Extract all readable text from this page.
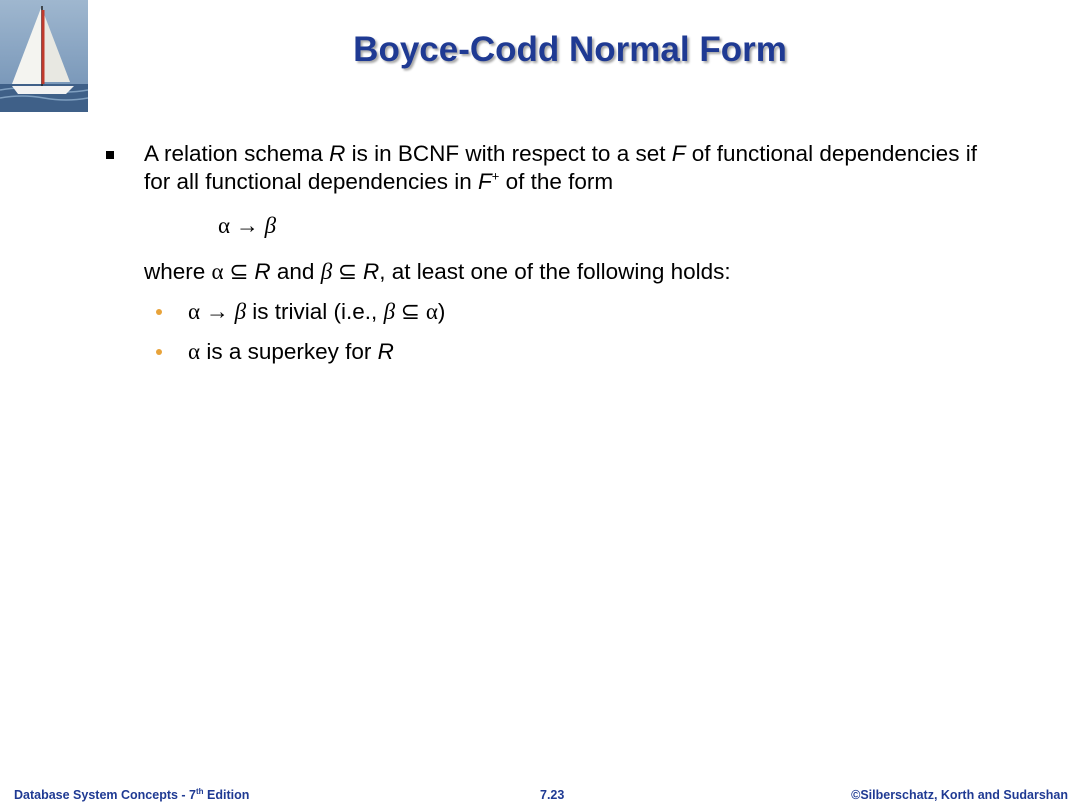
Boyce-Codd Normal Form
A relation schema R is in BCNF with respect to a set F of functional dependencies if for all functional dependencies in F+ of the form
α → β
where α ⊆ R and β ⊆ R, at least one of the following holds:
α → β is trivial (i.e., β ⊆ α)
α is a superkey for R
Database System Concepts - 7th Edition	7.23	©Silberschatz, Korth and Sudarshan
